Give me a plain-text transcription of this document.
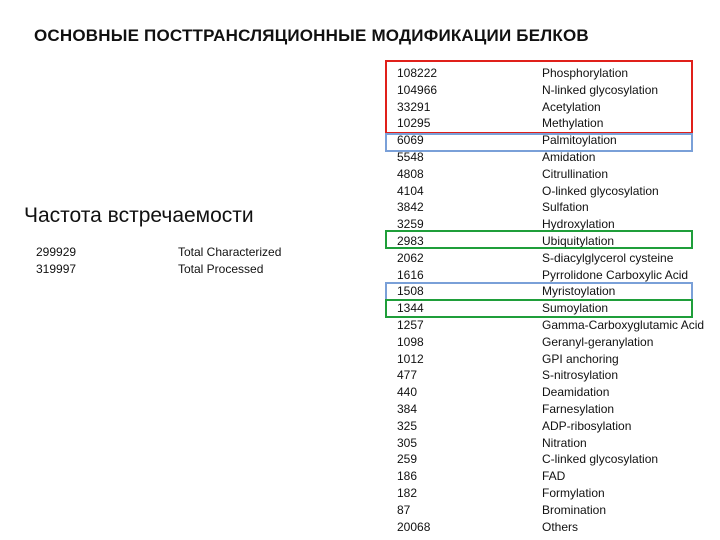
ОСНОВНЫЕ ПОСТТРАНСЛЯЦИОННЫЕ МОДИФИКАЦИИ БЕЛКОВ
Частота встречаемости
299929	Total Characterized
319997	Total Processed
108222	Phosphorylation
104966	N-linked glycosylation
33291	Acetylation
10295	Methylation
6069	Palmitoylation
5548	Amidation
4808	Citrullination
4104	O-linked glycosylation
3842	Sulfation
3259	Hydroxylation
2983	Ubiquitylation
2062	S-diacylglycerol cysteine
1616	Pyrrolidone Carboxylic Acid
1508	Myristoylation
1344	Sumoylation
1257	Gamma-Carboxyglutamic Acid
1098	Geranyl-geranylation
1012	GPI anchoring
477	S-nitrosylation
440	Deamidation
384	Farnesylation
325	ADP-ribosylation
305	Nitration
259	C-linked glycosylation
186	FAD
182	Formylation
87	Bromination
20068	Others
